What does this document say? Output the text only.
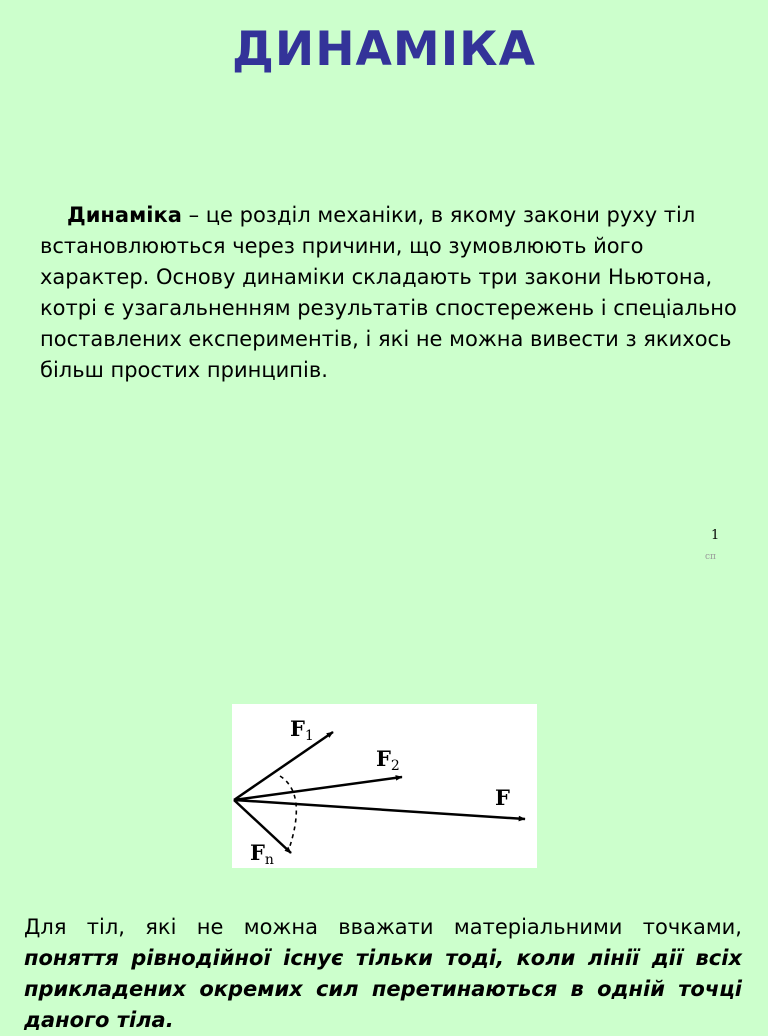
ДИНАМІКА

Динаміка – це розділ механіки, в якому закони руху тіл встановлюються через причини, що зумовлюють його характер. Основу динаміки складають три закони Ньютона, котрі є узагальненням результатів спостережень і спеціально поставлених експериментів, і які не можна вивести з якихось більш простих принципів.

1
cп
F1
F2
F
Fn

Для тіл, які не можна вважати матеріальними точками, поняття рівнодійної існує тільки тоді, коли лінії дії всіх прикладених окремих сил перетинаються в одній точці даного тіла.
